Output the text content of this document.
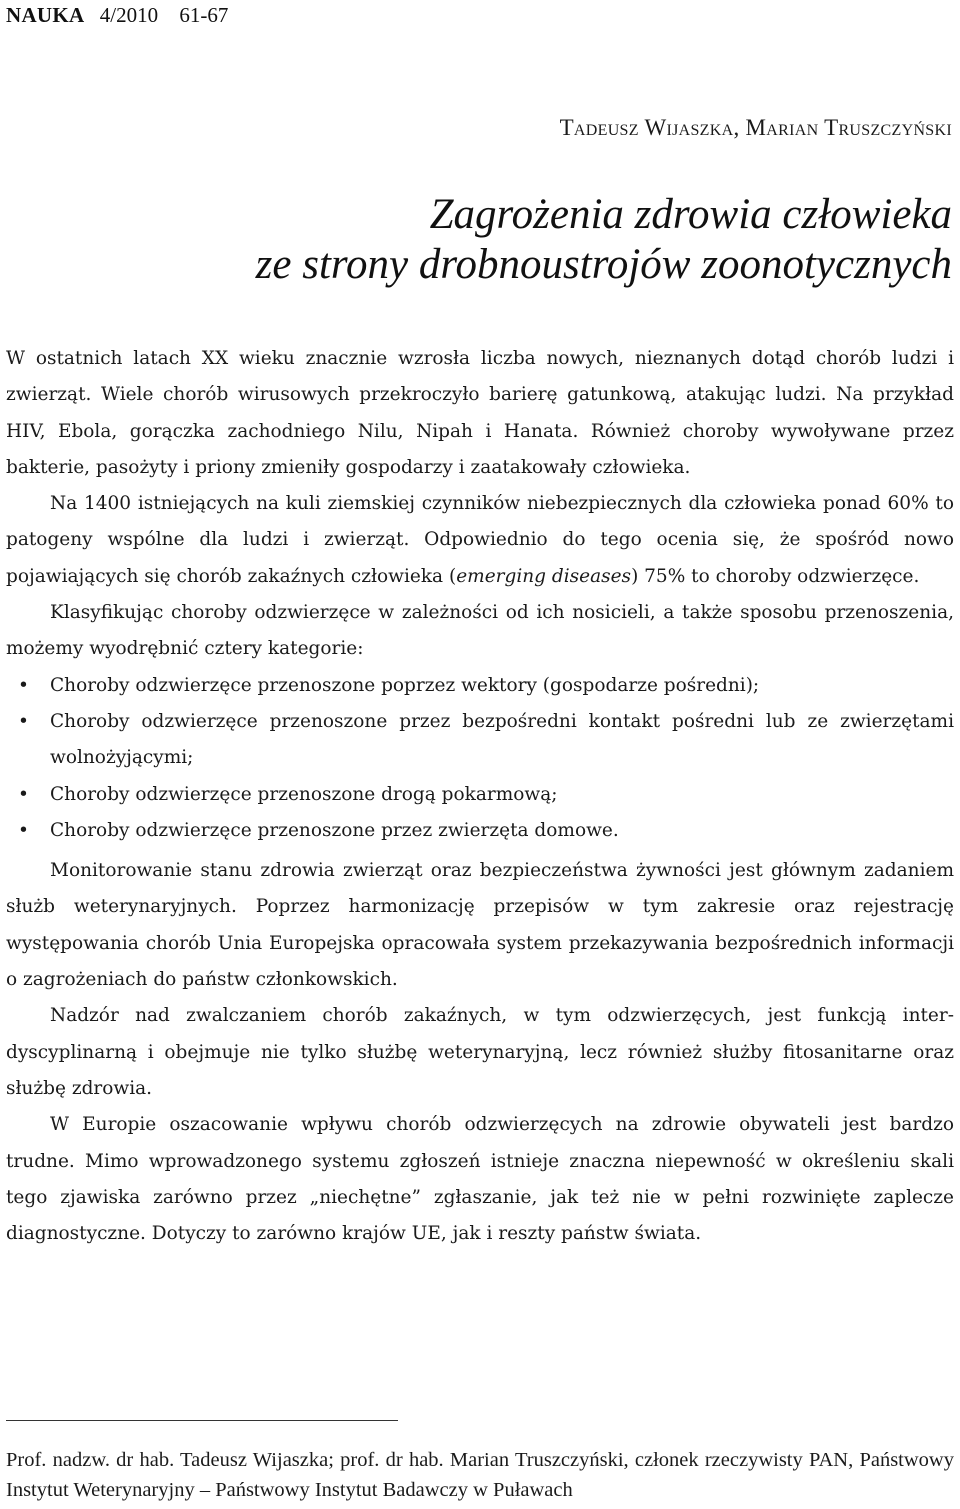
NAUKA 4/2010 61-67
Tadeusz Wijaszka, Marian Truszczyński
Zagrożenia zdrowia człowieka
ze strony drobnoustrojów zoonotycznych

W ostatnich latach XX wieku znacznie wzrosła liczba nowych, nieznanych dotąd chorób ludzi i zwierząt. Wiele chorób wirusowych przekroczyło barierę gatunkową, atakując ludzi. Na przykład HIV, Ebola, gorączka zachodniego Nilu, Nipah i Hanata. Również choroby wywoływane przez bakterie, pasożyty i priony zmieniły gospodarzy i zaatakowały człowieka.

Na 1400 istniejących na kuli ziemskiej czynników niebezpiecznych dla człowieka ponad 60% to patogeny wspólne dla ludzi i zwierząt. Odpowiednio do tego ocenia się, że spośród nowo pojawiających się chorób zakaźnych człowieka (emerging diseases) 75% to choroby odzwierzęce.

Klasyfikując choroby odzwierzęce w zależności od ich nosicieli, a także sposobu przenoszenia, możemy wyodrębnić cztery kategorie:

• Choroby odzwierzęce przenoszone poprzez wektory (gospodarze pośredni);
• Choroby odzwierzęce przenoszone przez bezpośredni kontakt pośredni lub ze zwierzętami wolnożyjącymi;
• Choroby odzwierzęce przenoszone drogą pokarmową;
• Choroby odzwierzęce przenoszone przez zwierzęta domowe.

Monitorowanie stanu zdrowia zwierząt oraz bezpieczeństwa żywności jest głównym zadaniem służb weterynaryjnych. Poprzez harmonizację przepisów w tym zakresie oraz rejestrację występowania chorób Unia Europejska opracowała system przekazywania bezpośrednich informacji o zagrożeniach do państw członkowskich.

Nadzór nad zwalczaniem chorób zakaźnych, w tym odzwierzęcych, jest funkcją interdyscyplinarną i obejmuje nie tylko służbę weterynaryjną, lecz również służby fitosanitarne oraz służbę zdrowia.

W Europie oszacowanie wpływu chorób odzwierzęcych na zdrowie obywateli jest bardzo trudne. Mimo wprowadzonego systemu zgłoszeń istnieje znaczna niepewność w określeniu skali tego zjawiska zarówno przez „niechętne” zgłaszanie, jak też nie w pełni rozwinięte zaplecze diagnostyczne. Dotyczy to zarówno krajów UE, jak i reszty państw świata.

Prof. nadzw. dr hab. Tadeusz Wijaszka; prof. dr hab. Marian Truszczyński, członek rzeczywisty PAN, Państwowy Instytut Weterynaryjny – Państwowy Instytut Badawczy w Puławach
